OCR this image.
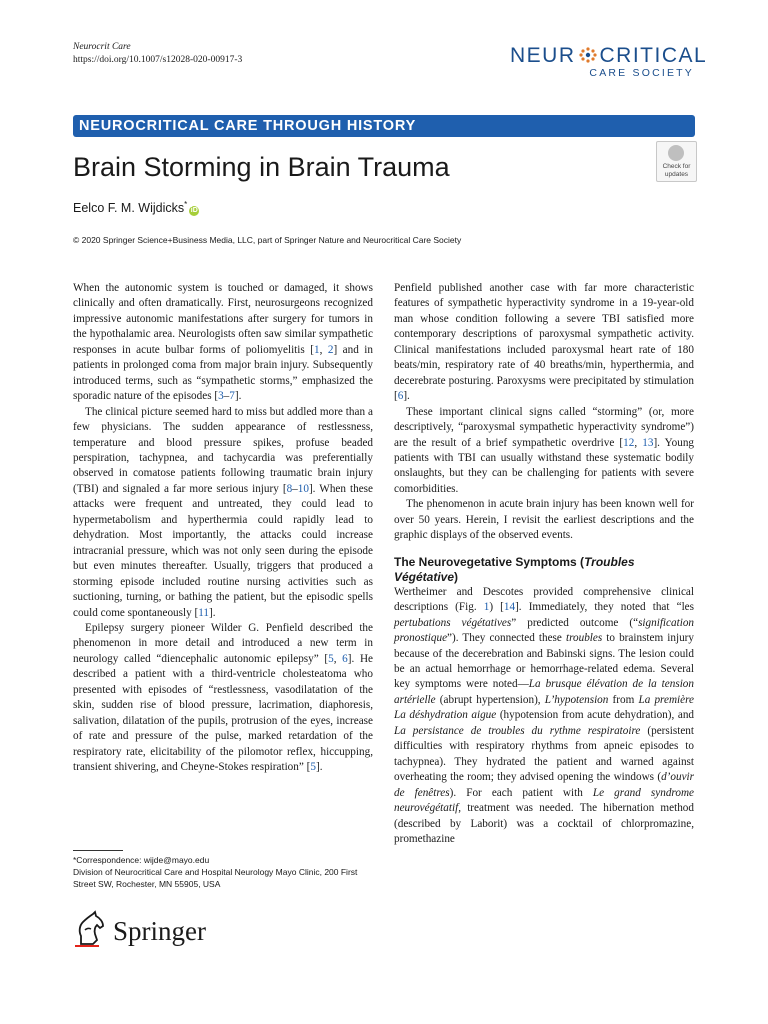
Neurocrit Care
https://doi.org/10.1007/s12028-020-00917-3	NEUR CRITICAL
CARE SOCIETY
NEUROCRITICAL CARE THROUGH HISTORY
Brain Storming in Brain Trauma	Check for
updates
Eelco F. M. Wijdicks*iD
© 2020 Springer Science+Business Media, LLC, part of Springer Nature and Neurocritical Care Society

When the autonomic system is touched or damaged, it shows clinically and often dramatically. First, neurosurgeons recognized impressive autonomic manifestations after surgery for tumors in the hypothalamic area. Neurologists often saw similar sympathetic responses in acute bulbar forms of poliomyelitis [1, 2] and in patients in prolonged coma from major brain injury. Subsequently introduced terms, such as “sympathetic storms,” emphasized the sporadic nature of the episodes [3–7].

The clinical picture seemed hard to miss but addled more than a few physicians. The sudden appearance of restlessness, temperature and blood pressure spikes, profuse beaded perspiration, tachypnea, and tachycardia was preferentially observed in comatose patients following traumatic brain injury (TBI) and signaled a far more serious injury [8–10]. When these attacks were frequent and untreated, they could lead to hypermetabolism and hyperthermia could rapidly lead to dehydration. Most importantly, the attacks could increase intracranial pressure, which was not only seen during the episode but even minutes thereafter. Usually, triggers that produced a storming episode included routine nursing activities such as suctioning, turning, or bathing the patient, but the episodic spells could come spontaneously [11].

Epilepsy surgery pioneer Wilder G. Penfield described the phenomenon in more detail and introduced a new term in neurology called “diencephalic autonomic epilepsy” [5, 6]. He described a patient with a third-ventricle cholesteatoma who presented with episodes of “restlessness, vasodilatation of the skin, sudden rise of blood pressure, lacrimation, diaphoresis, salivation, dilatation of the pupils, protrusion of the eyes, increase of rate and pressure of the pulse, marked retardation of the respiratory rate, elicitability of the pilomotor reflex, hiccupping, transient shivering, and Cheyne-Stokes respiration” [5].

Penfield published another case with far more characteristic features of sympathetic hyperactivity syndrome in a 19-year-old man whose condition following a severe TBI satisfied more contemporary descriptions of paroxysmal sympathetic activity. Clinical manifestations included paroxysmal heart rate of 180 beats/min, respiratory rate of 40 breaths/min, hyperthermia, and decerebrate posturing. Paroxysms were precipitated by stimulation [6].

These important clinical signs called “storming” (or, more descriptively, “paroxysmal sympathetic hyperactivity syndrome”) are the result of a brief sympathetic overdrive [12, 13]. Young patients with TBI can usually withstand these systematic bodily onslaughts, but they can be challenging for patients with severe comorbidities.

The phenomenon in acute brain injury has been known well for over 50 years. Herein, I revisit the earliest descriptions and the graphic displays of the observed events.

The Neurovegetative Symptoms (Troubles Végétative)

Wertheimer and Descotes provided comprehensive clinical descriptions (Fig. 1) [14]. Immediately, they noted that “les pertubations végétatives” predicted outcome (“signification pronostique”). They connected these troubles to brainstem injury because of the decerebration and Babinski signs. The lesion could be an actual hemorrhage or hemorrhage-related edema. Several key symptoms were noted—La brusque élévation de la tension artérielle (abrupt hypertension), L’hypotension from La première La déshydration aigue (hypotension from acute dehydration), and La persistance de troubles du rythme respiratoire (persistent difficulties with respiratory rhythms from apneic episodes to tachypnea). They hydrated the patient and warned against overheating the room; they advised opening the windows (d’ouvir de fenêtres). For each patient with Le grand syndrome neurovégétatif, treatment was needed. The hibernation method (described by Laborit) was a cocktail of chlorpromazine, promethazine

*Correspondence: wijde@mayo.edu
Division of Neurocritical Care and Hospital Neurology Mayo Clinic, 200 First Street SW, Rochester, MN 55905, USA
Springer
